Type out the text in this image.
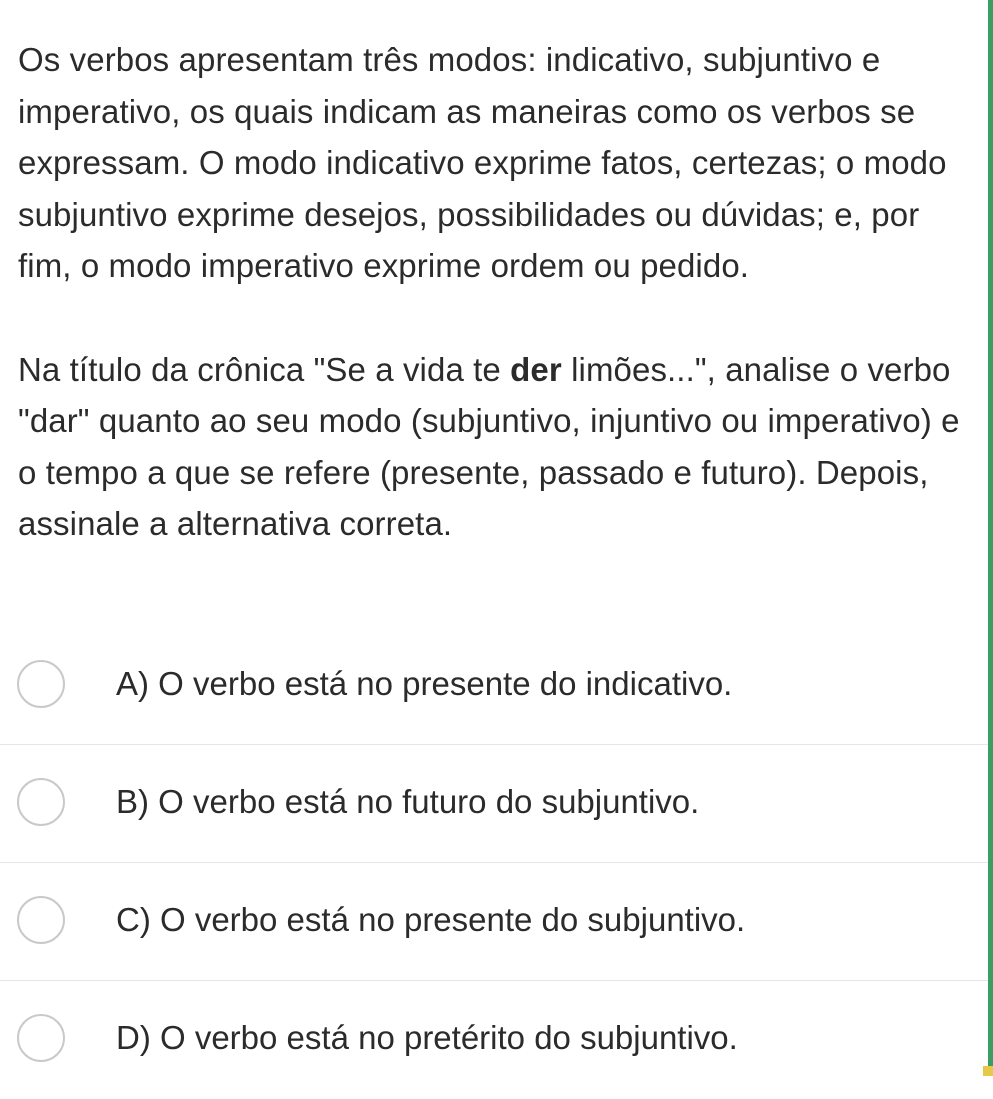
Os verbos apresentam três modos: indicativo, subjuntivo e imperativo, os quais indicam as maneiras como os verbos se expressam. O modo indicativo exprime fatos, certezas; o modo subjuntivo exprime desejos, possibilidades ou dúvidas; e, por fim, o modo imperativo exprime ordem ou pedido.

Na título da crônica "Se a vida te der limões...", analise o verbo "dar" quanto ao seu modo (subjuntivo, injuntivo ou imperativo) e o tempo a que se refere (presente, passado e futuro). Depois, assinale a alternativa correta.

A) O verbo está no presente do indicativo.
B) O verbo está no futuro do subjuntivo.
C) O verbo está no presente do subjuntivo.
D) O verbo está no pretérito do subjuntivo.
